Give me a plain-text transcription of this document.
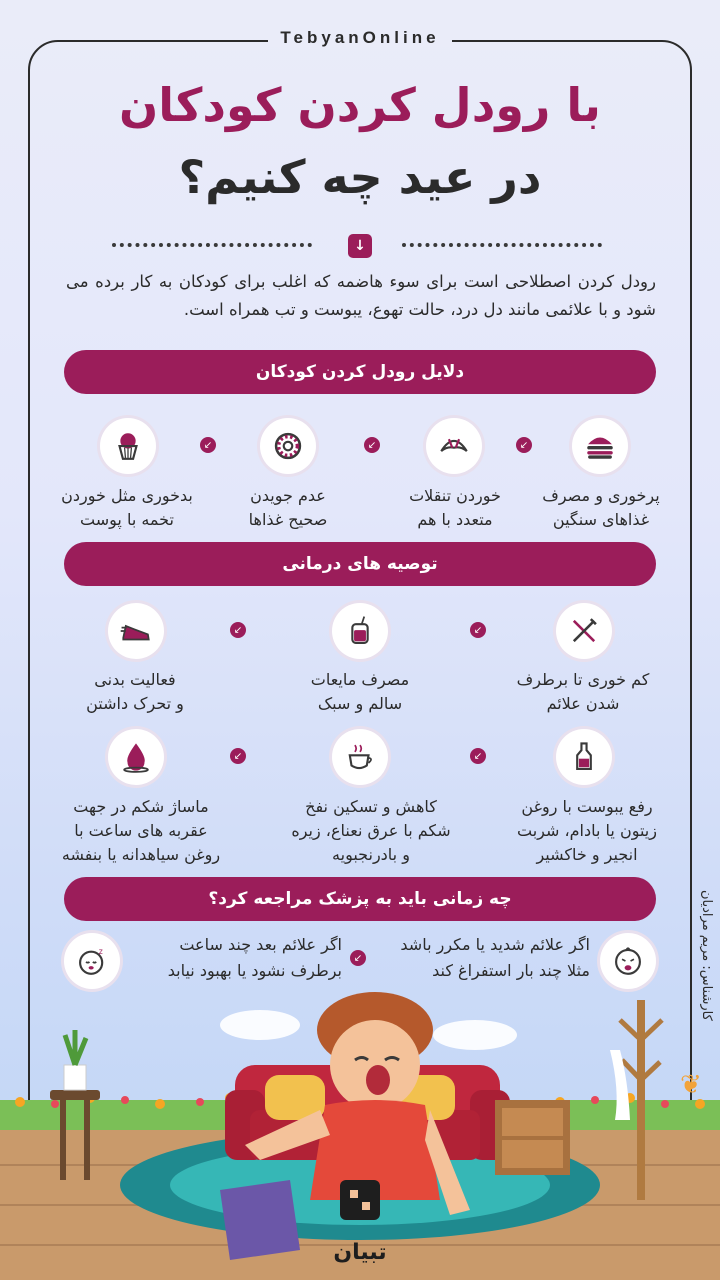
TebyanOnline
با رودل کردن کودکان
در عید چه کنیم؟
↓

رودل کردن اصطلاحی است برای سوء هاضمه که اغلب برای کودکان به کار برده می شود و با علائمی مانند دل درد، حالت تهوع، یبوست و تب همراه است.

دلایل رودل کردن کودکان
↙
↙
↙
پرخوری و مصرف
غذاهای سنگین
خوردن تنقلات
متعدد با هم
عدم جویدن
صحیح غذاها
بدخوری مثل خوردن
تخمه با پوست
توصیه های درمانی
↙
↙
کم خوری تا برطرف
شدن علائم
مصرف مایعات
سالم و سبک
فعالیت بدنی
و تحرک داشتن
↙
↙
رفع یبوست با روغن
زیتون یا بادام، شربت
انجیر و خاکشیر
کاهش و تسکین نفخ
شکم با عرق نعناع، زیره
و بادرنجبویه
ماساژ شکم در جهت
عقربه های ساعت با
روغن سیاهدانه یا بنفشه
چه زمانی باید به پزشک مراجعه کرد؟
z
↙
اگر علائم شدید یا مکرر باشد
مثلا چند بار استفراغ کند
اگر علائم بعد چند ساعت
برطرف نشود یا بهبود نیابد	کارشناس: مریم مرادیان
تبیان
❦
